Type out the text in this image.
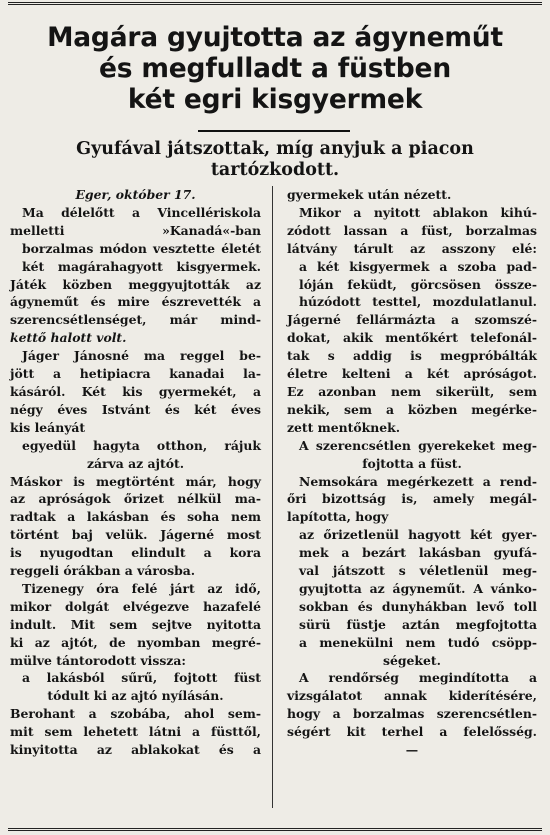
Magára gyujtotta az ágyneműt
és megfulladt a füstben
két egri kisgyermek
Gyufával játszottak, míg anyjuk a piacon
tartózkodott.
Eger, október 17.
Ma délelőtt a Vincellériskola
melletti »Kanadá«-ban
borzalmas módon vesztette életét
két magárahagyott kisgyermek.
Játék közben meggyujtották az
ágyneműt és mire észrevették a
szerencsétlenséget, már mind-
kettő halott volt.
Jáger Jánosné ma reggel be-
jött a hetipiacra kanadai la-
kásáról. Két kis gyermekét, a
négy éves Istvánt és két éves
kis leányát
egyedül hagyta otthon, rájuk
zárva az ajtót.
Máskor is megtörtént már, hogy
az apróságok őrizet nélkül ma-
radtak a lakásban és soha nem
történt baj velük. Jágerné most
is nyugodtan elindult a kora
reggeli órákban a városba.
Tizenegy óra felé járt az idő,
mikor dolgát elvégezve hazafelé
indult. Mit sem sejtve nyitotta
ki az ajtót, de nyomban megré-
mülve tántorodott vissza:
a lakásból sűrű, fojtott füst
tódult ki az ajtó nyílásán.
Berohant a szobába, ahol sem-
mit sem lehetett látni a füsttől,
kinyitotta az ablakokat és a
gyermekek után nézett.
Mikor a nyitott ablakon kihú-
zódott lassan a füst, borzalmas
látvány tárult az asszony elé:
a két kisgyermek a szoba pad-
lóján feküdt, görcsösen össze-
húzódott testtel, mozdulatlanul.
Jágerné fellármázta a szomszé-
dokat, akik mentőkért telefonál-
tak s addig is megpróbálták
életre kelteni a két apróságot.
Ez azonban nem sikerült, sem
nekik, sem a közben megérke-
zett mentőknek.
A szerencsétlen gyerekeket meg-
fojtotta a füst.
Nemsokára megérkezett a rend-
őri bizottság is, amely megál-
lapította, hogy
az őrizetlenül hagyott két gyer-
mek a bezárt lakásban gyufá-
val játszott s véletlenül meg-
gyujtotta az ágyneműt. A vánko-
sokban és dunyhákban levő toll
sürü füstje aztán megfojtotta
a menekülni nem tudó csöpp-
ségeket.
A rendőrség megindította a
vizsgálatot annak kiderítésére,
hogy a borzalmas szerencsétlen-
ségért kit terhel a felelősség.
—
